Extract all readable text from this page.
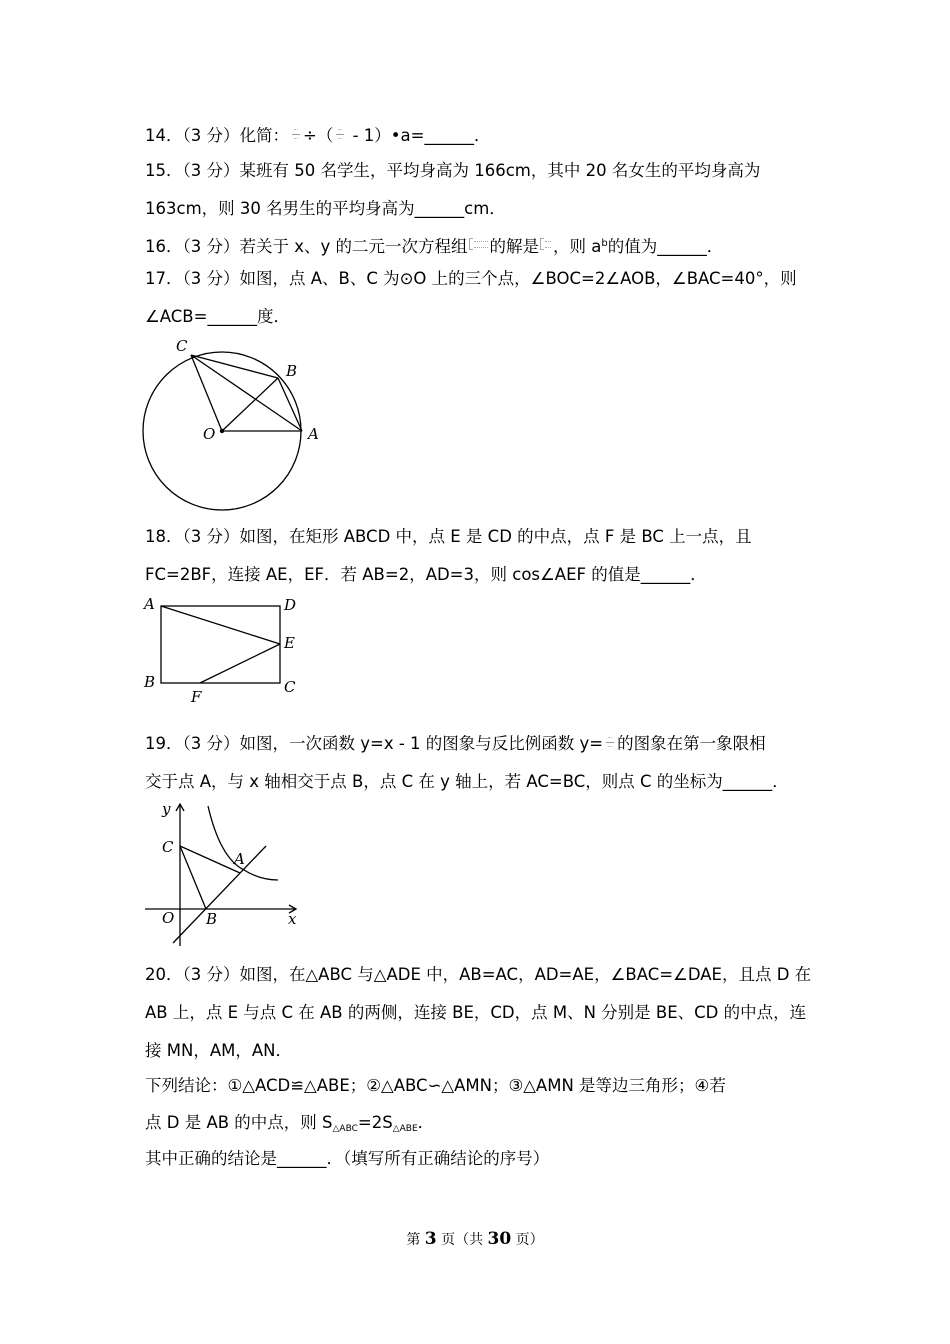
14．（3 分）化简： ÷（ - 1）•a=______．
15．（3 分）某班有 50 名学生，平均身高为 166cm，其中 20 名女生的平均身高为
163cm，则 30 名男生的平均身高为______cm．
16．（3 分）若关于 x、y 的二元一次方程组 的解是 ，则 $a^b$的值为______．
17．（3 分）如图，点 A、B、C 为⊙O 上的三个点，∠BOC=2∠AOB，∠BAC=40°，则
∠ACB=______度．
C
B
O	A
18．（3 分）如图，在矩形 ABCD 中，点 E 是 CD 的中点，点 F 是 BC 上一点，且
FC=2BF，连接 AE，EF．若 AB=2，AD=3，则 cos∠AEF 的值是______．
A	D
E
B
F
C
19．（3 分）如图，一次函数 y=x - 1 的图象与反比例函数 y= 的图象在第一象限相
交于点 A，与 x 轴相交于点 B，点 C 在 y 轴上，若 AC=BC，则点 C 的坐标为______．
y
x
C
A
O B
20．（3 分）如图，在△ABC 与△ADE 中，AB=AC，AD=AE，∠BAC=∠DAE，且点 D 在
AB 上，点 E 与点 C 在 AB 的两侧，连接 BE，CD，点 M、N 分别是 BE、CD 的中点，连
接 MN，AM，AN．
下列结论：①△ACD≌△ABE；②△ABC∽△AMN；③△AMN 是等边三角形；④若
点 D 是 AB 的中点，则 $S_{\triangle ABC}=2S_{\triangle ABE}$．
其中正确的结论是______．（填写所有正确结论的序号）
第 3 页（共 30 页）
